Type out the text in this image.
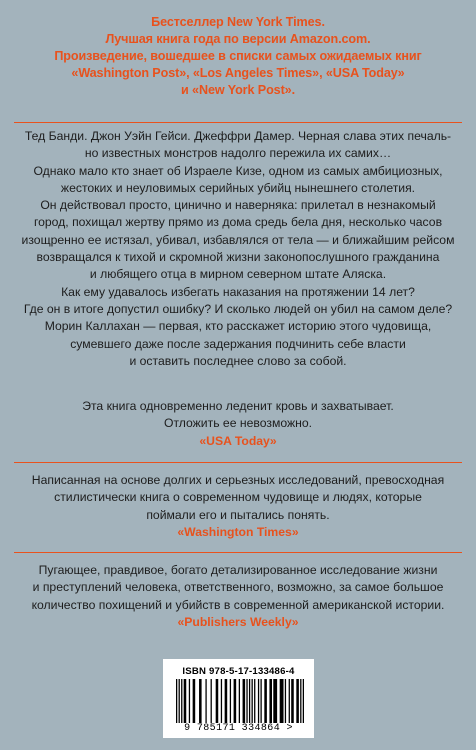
Бестселлер New York Times.
Лучшая книга года по версии Amazon.com.
Произведение, вошедшее в списки самых ожидаемых книг
«Washington Post», «Los Angeles Times», «USA Today»
и «New York Post».
Тед Банди. Джон Уэйн Гейси. Джеффри Дамер. Черная слава этих печаль-
но известных монстров надолго пережила их самих…
Однако мало кто знает об Израеле Кизе, одном из самых амбициозных,
жестоких и неуловимых серийных убийц нынешнего столетия.
Он действовал просто, цинично и наверняка: прилетал в незнакомый
город, похищал жертву прямо из дома средь бела дня, несколько часов
изощренно ее истязал, убивал, избавлялся от тела — и ближайшим рейсом
возвращался к тихой и скромной жизни законопослушного гражданина
и любящего отца в мирном северном штате Аляска.
Как ему удавалось избегать наказания на протяжении 14 лет?
Где он в итоге допустил ошибку? И сколько людей он убил на самом деле?
Морин Каллахан — первая, кто расскажет историю этого чудовища,
сумевшего даже после задержания подчинить себе власти
и оставить последнее слово за собой.
Эта книга одновременно леденит кровь и захватывает.
Отложить ее невозможно.
«USA Today»
Написанная на основе долгих и серьезных исследований, превосходная
стилистически книга о современном чудовище и людях, которые
поймали его и пытались понять.
«Washington Times»
Пугающее, правдивое, богато детализированное исследование жизни
и преступлений человека, ответственного, возможно, за самое большое
количество похищений и убийств в современной американской истории.
«Publishers Weekly»
ISBN 978-5-17-133486-4
9 785171 334864 >
